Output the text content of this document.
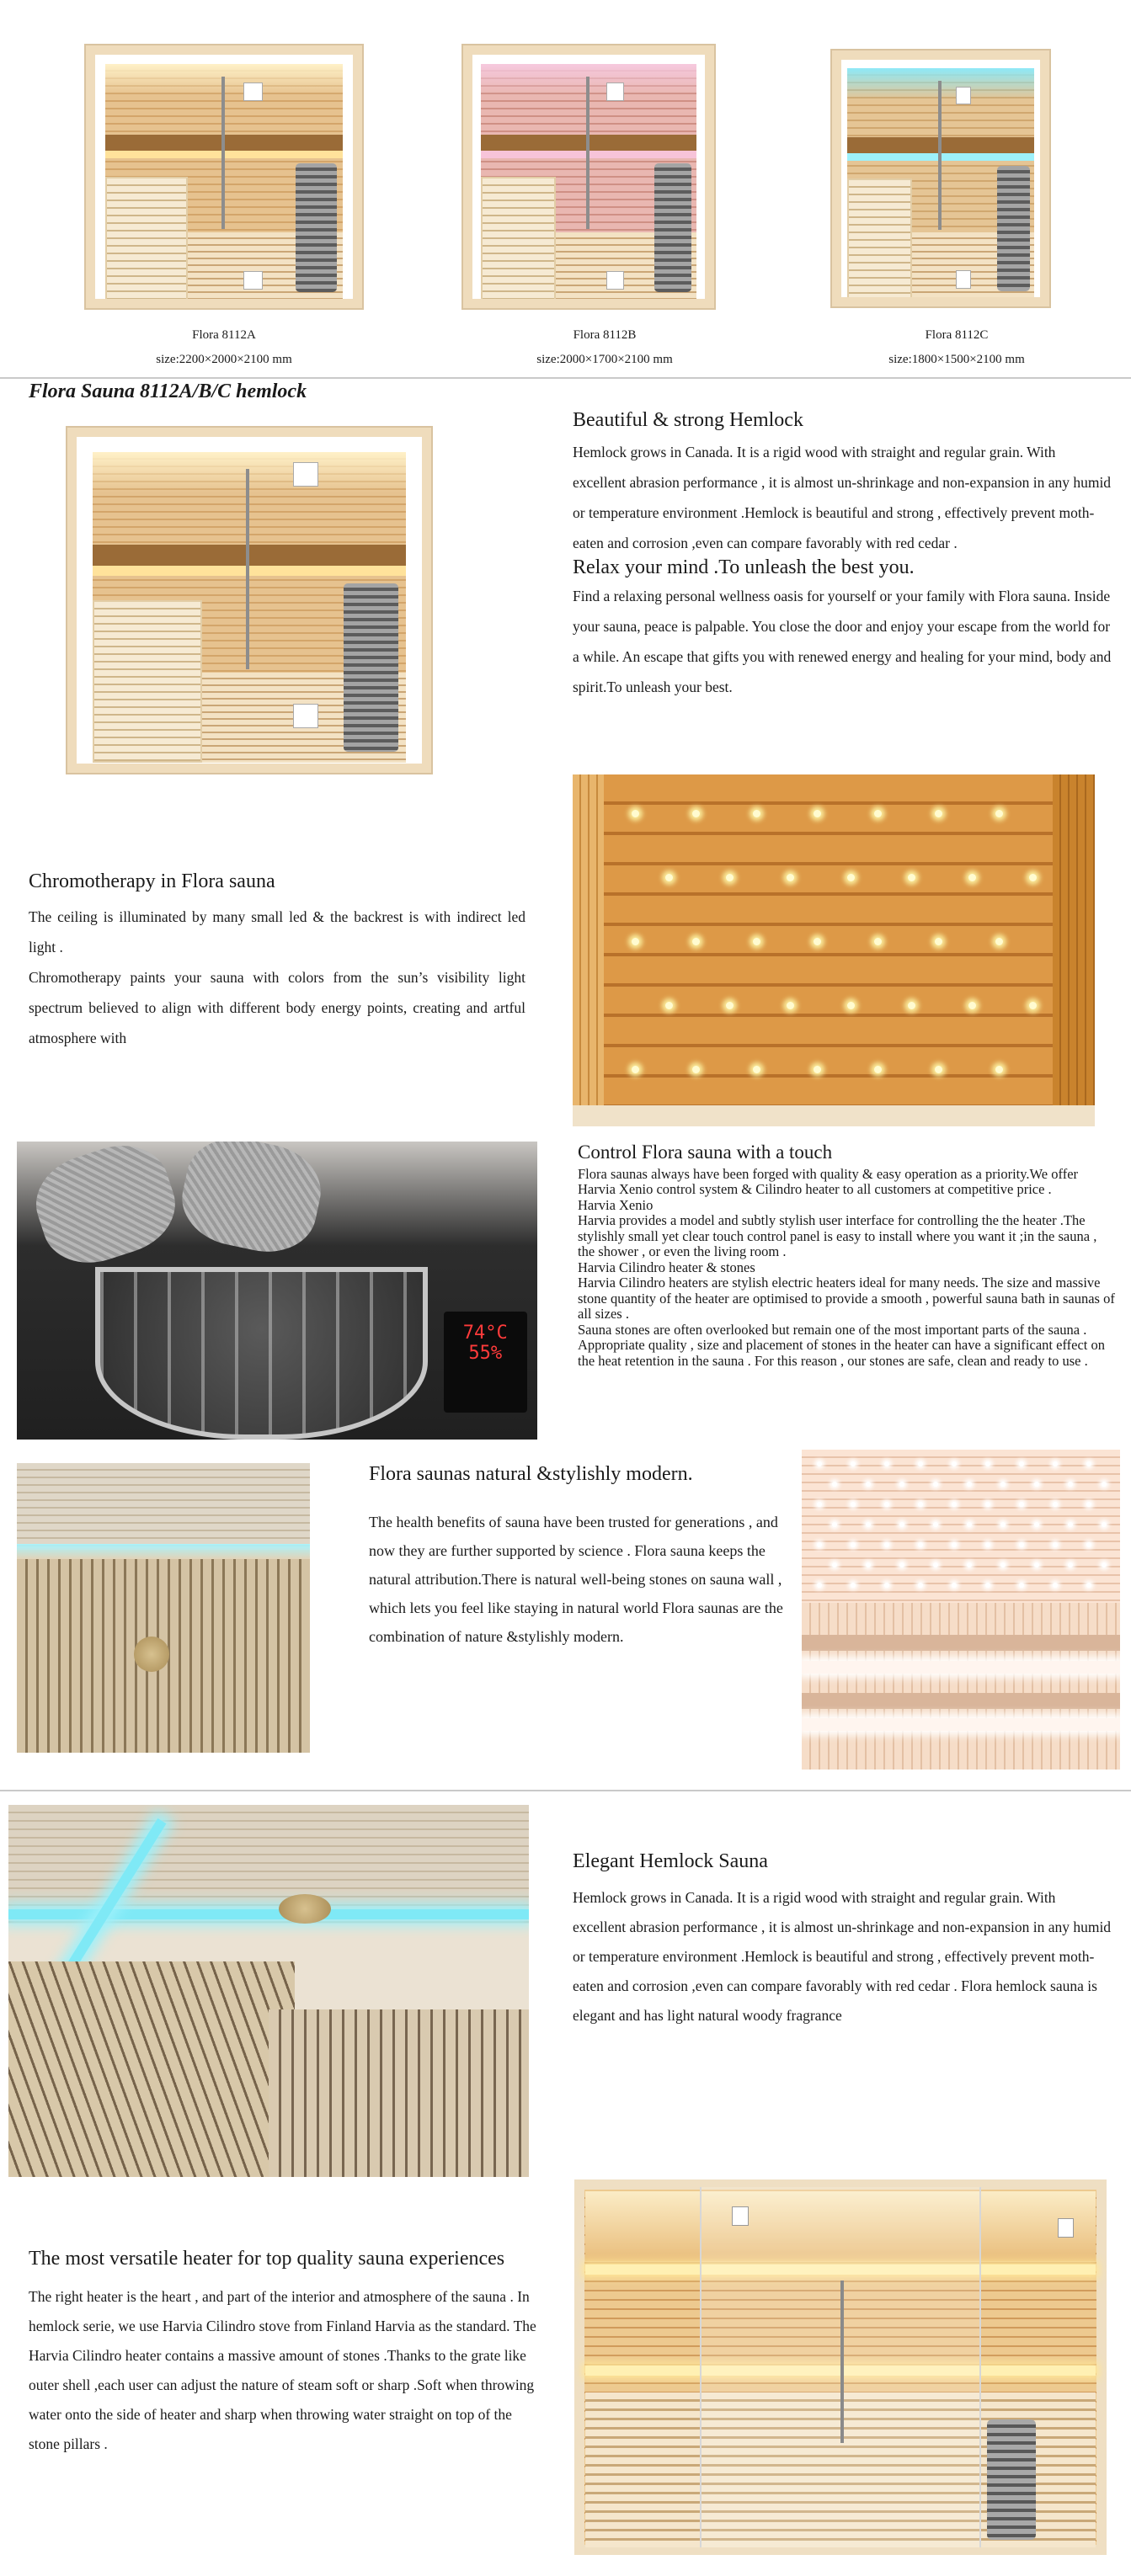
Flora 8112A
size:2200×2000×2100 mm
Flora 8112B
size:2000×1700×2100 mm
Flora 8112C
size:1800×1500×2100 mm
Flora Sauna 8112A/B/C hemlock
Beautiful & strong Hemlock
Hemlock grows in Canada. It is a rigid wood with straight and regular grain. With excellent abrasion performance , it is almost un-shrinkage and non-expansion in any humid or temperature environment .Hemlock is beautiful and strong , effectively prevent moth-eaten and corrosion ,even can compare favorably with red cedar .
Relax your mind .To unleash the best you.
Find a relaxing personal wellness oasis for yourself or your family with Flora sauna. Inside your sauna, peace is palpable. You close the door and enjoy your escape from the world for a while. An escape that gifts you with renewed energy and healing for your mind, body and spirit.To unleash your best.
Chromotherapy in Flora sauna
The ceiling is illuminated by many small led & the backrest is with indirect led light .
Chromotherapy paints your sauna with colors from the sun’s visibility light spectrum believed to align with different body energy points, creating and artful atmosphere with
74°C
55%
Control Flora sauna with a touch
Flora saunas always have been forged with quality & easy operation as a priority.We offer Harvia Xenio control system & Cilindro heater to all customers at competitive price .
Harvia Xenio
Harvia provides a model and subtly stylish user interface for controlling the the heater .The stylishly small yet clear touch control panel is easy to install where you want it ;in the sauna , the shower , or even the living room .
Harvia Cilindro heater & stones
Harvia Cilindro heaters are stylish electric heaters ideal for many needs. The size and massive stone quantity of the heater are optimised to provide a smooth , powerful sauna bath in saunas of all sizes .
Sauna stones are often overlooked but remain one of the most important parts of the sauna .
Appropriate quality , size and placement of stones in the heater can have a significant effect on the heat retention in the sauna . For this reason , our stones are safe, clean and ready to use .
Flora saunas natural &stylishly modern.
The health benefits of sauna have been trusted for generations , and now they are further supported by science . Flora sauna keeps the natural attribution.There is natural well-being stones on sauna wall , which lets you feel like staying in natural world Flora saunas are the combination of nature &stylishly modern.
Elegant Hemlock Sauna
Hemlock grows in Canada. It is a rigid wood with straight and regular grain. With excellent abrasion performance , it is almost un-shrinkage and non-expansion in any humid or temperature environment .Hemlock is beautiful and strong , effectively prevent moth-eaten and corrosion ,even can compare favorably with red cedar . Flora hemlock sauna is elegant and has light natural woody fragrance
The most versatile heater for top quality sauna experiences
The right heater is the heart , and part of the interior and atmosphere of the sauna . In hemlock serie, we use Harvia Cilindro stove from Finland Harvia as the standard. The Harvia Cilindro heater contains a massive amount of stones .Thanks to the grate like outer shell ,each user can adjust the nature of steam soft or sharp .Soft when throwing water onto the side of heater and sharp when throwing water straight on top of the stone pillars .
